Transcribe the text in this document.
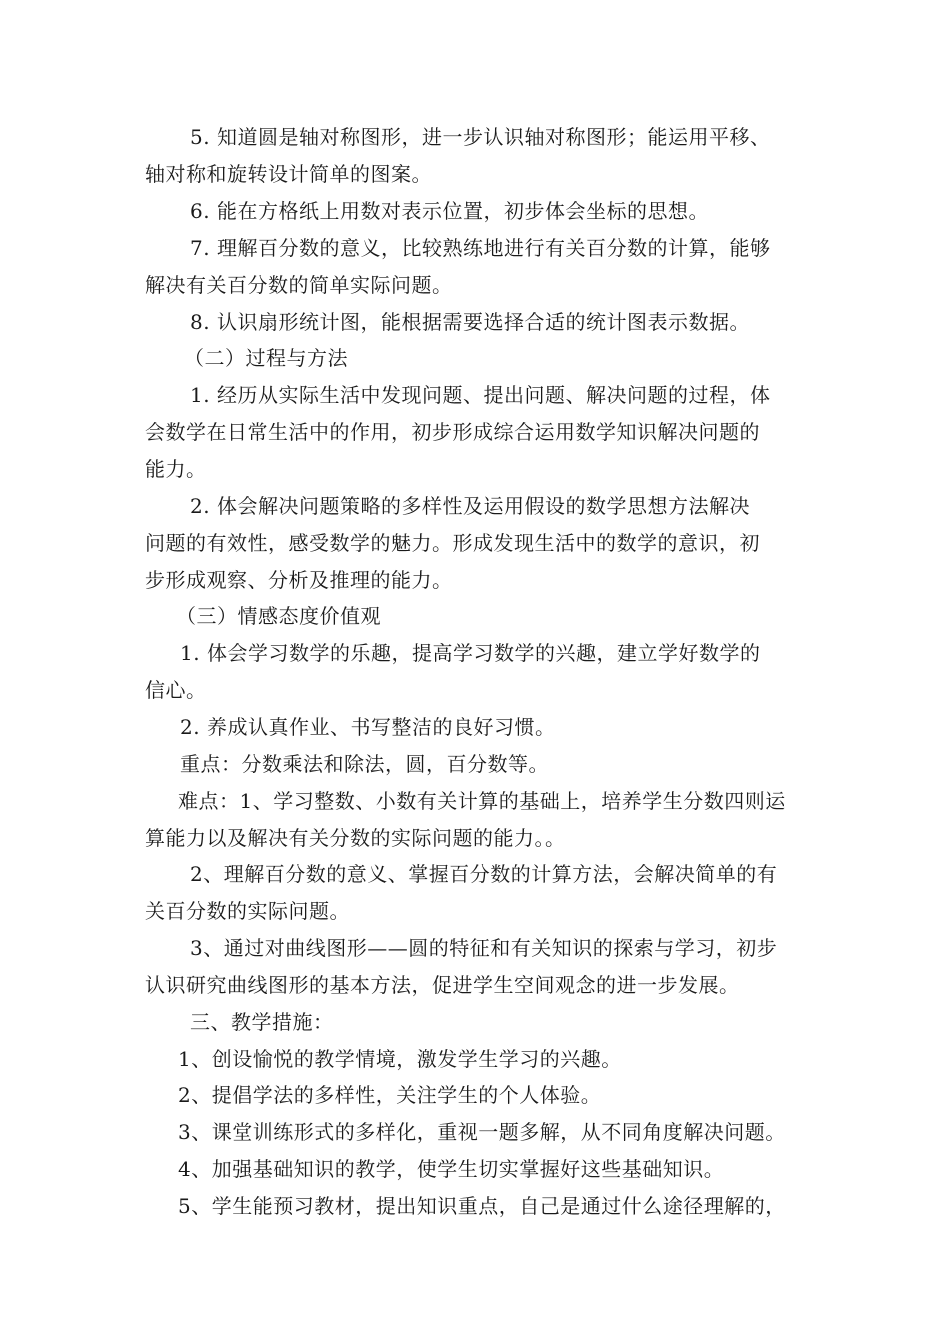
5. 知道圆是轴对称图形，进一步认识轴对称图形；能运用平移、
轴对称和旋转设计简单的图案。
6. 能在方格纸上用数对表示位置，初步体会坐标的思想。
7. 理解百分数的意义，比较熟练地进行有关百分数的计算，能够
解决有关百分数的简单实际问题。
8. 认识扇形统计图，能根据需要选择合适的统计图表示数据。
（二）过程与方法
1. 经历从实际生活中发现问题、提出问题、解决问题的过程，体
会数学在日常生活中的作用，初步形成综合运用数学知识解决问题的
能力。
2. 体会解决问题策略的多样性及运用假设的数学思想方法解决
问题的有效性，感受数学的魅力。形成发现生活中的数学的意识，初
步形成观察、分析及推理的能力。
（三）情感态度价值观
1. 体会学习数学的乐趣，提高学习数学的兴趣，建立学好数学的
信心。
2. 养成认真作业、书写整洁的良好习惯。
重点：分数乘法和除法，圆，百分数等。
难点：1、学习整数、小数有关计算的基础上，培养学生分数四则运
算能力以及解决有关分数的实际问题的能力。。
2、理解百分数的意义、掌握百分数的计算方法，会解决简单的有
关百分数的实际问题。
3、通过对曲线图形——圆的特征和有关知识的探索与学习，初步
认识研究曲线图形的基本方法，促进学生空间观念的进一步发展。
三、教学措施：
1、创设愉悦的教学情境，激发学生学习的兴趣。
2、提倡学法的多样性，关注学生的个人体验。
3、课堂训练形式的多样化，重视一题多解，从不同角度解决问题。
4、加强基础知识的教学，使学生切实掌握好这些基础知识。
5、学生能预习教材，提出知识重点，自己是通过什么途径理解的，
